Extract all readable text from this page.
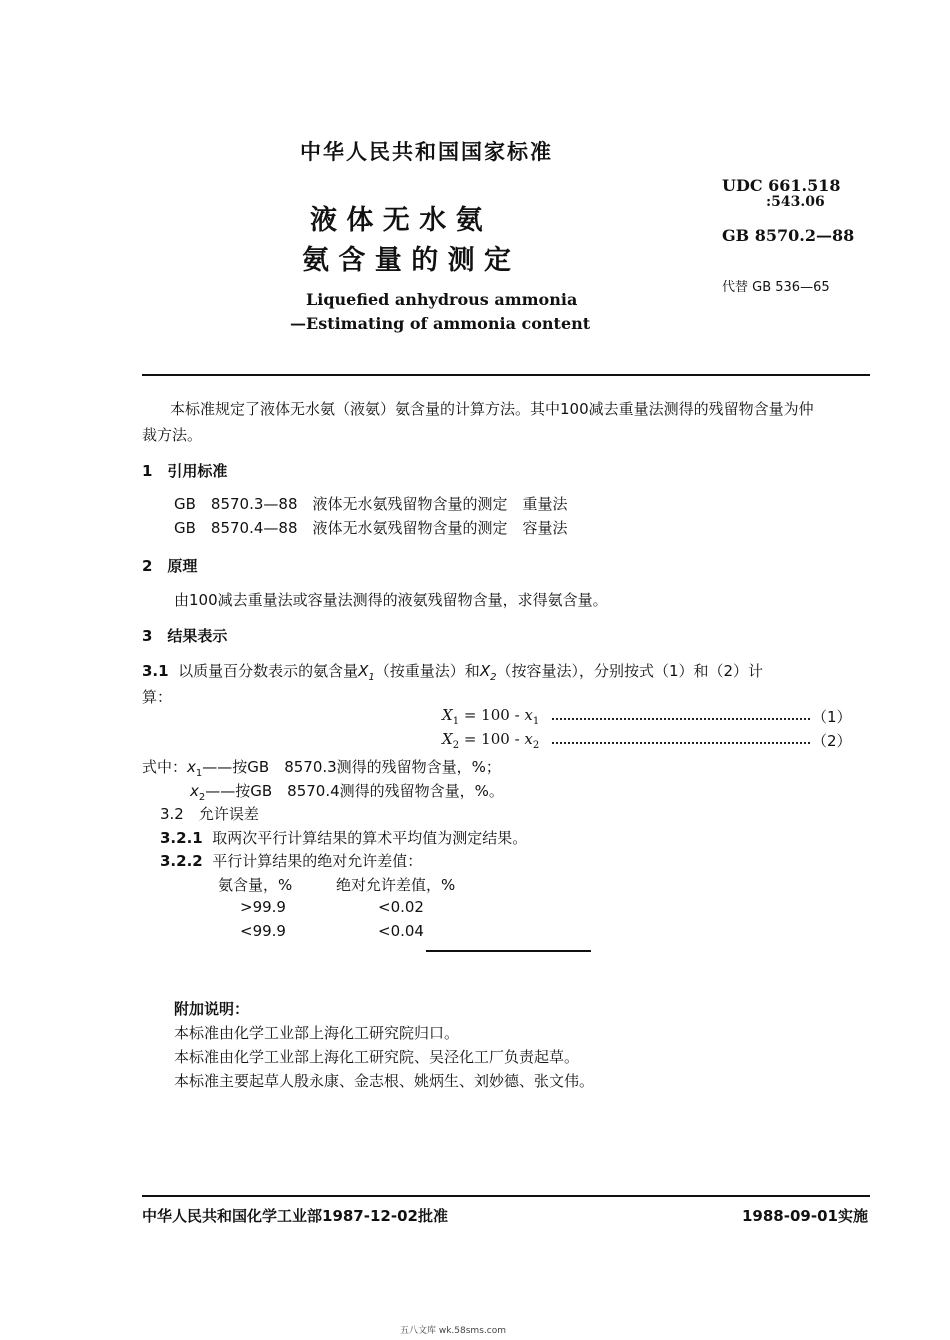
中华人民共和国国家标准
液 体 无 水 氨
氨 含 量 的 测 定
Liquefied anhydrous ammonia
—Estimating of ammonia content
UDC 661.518
:543.06
GB 8570.2—88
代替 GB 536—65
本标准规定了液体无水氨（液氨）氨含量的计算方法。其中100减去重量法测得的残留物含量为仲
裁方法。
1　引用标准
GB　8570.3—88　液体无水氨残留物含量的测定　重量法
GB　8570.4—88　液体无水氨残留物含量的测定　容量法
2　原理
由100减去重量法或容量法测得的液氨残留物含量，求得氨含量。
3　结果表示
3.1 以质量百分数表示的氨含量$X_1$（按重量法）和$X_2$（按容量法），分别按式（1）和（2）计
算：
$X_1 = 100 - x_1$	（1）
$X_2 = 100 - x_2$	（2）
式中：$x_1——$按GB　8570.3测得的残留物含量，%；
$x_2——$按GB　8570.4测得的残留物含量，%。
3.2　允许误差
3.2.1 取两次平行计算结果的算术平均值为测定结果。
3.2.2 平行计算结果的绝对允许差值：
氨含量，%	绝对允许差值，%
>99.9	<0.02
<99.9	<0.04
附加说明：
本标准由化学工业部上海化工研究院归口。
本标准由化学工业部上海化工研究院、吴泾化工厂负责起草。
本标准主要起草人殷永康、金志根、姚炳生、刘妙德、张文伟。
中华人民共和国化学工业部1987-12-02批准	1988-09-01实施
五八文库 wk.58sms.com
